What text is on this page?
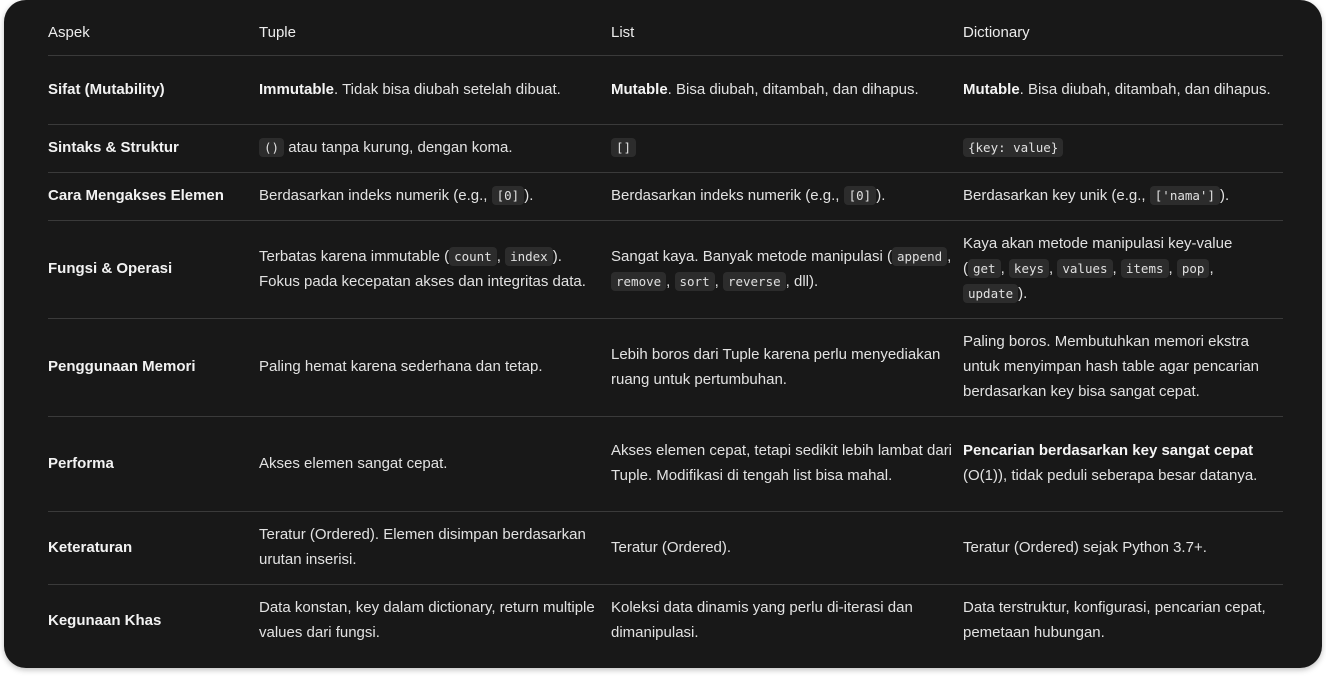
Aspek	Tuple	List	Dictionary
Sifat (Mutability)	Immutable. Tidak bisa diubah setelah dibuat.	Mutable. Bisa diubah, ditambah, dan dihapus.	Mutable. Bisa diubah, ditambah, dan dihapus.
Sintaks & Struktur	() atau tanpa kurung, dengan koma.	[]	{key: value}
Cara Mengakses Elemen	Berdasarkan indeks numerik (e.g., [0] ).	Berdasarkan indeks numerik (e.g., [0] ).	Berdasarkan key unik (e.g., ['nama'] ).
Fungsi & Operasi	Terbatas karena immutable ( count , index ). Fokus pada kecepatan akses dan integritas data.	Sangat kaya. Banyak metode manipulasi ( append , remove , sort , reverse , dll).	Kaya akan metode manipulasi key-value ( get , keys , values , items , pop , update ).
Penggunaan Memori	Paling hemat karena sederhana dan tetap.	Lebih boros dari Tuple karena perlu menyediakan ruang untuk pertumbuhan.	Paling boros. Membutuhkan memori ekstra untuk menyimpan hash table agar pencarian berdasarkan key bisa sangat cepat.
Performa	Akses elemen sangat cepat.	Akses elemen cepat, tetapi sedikit lebih lambat dari Tuple. Modifikasi di tengah list bisa mahal.	Pencarian berdasarkan key sangat cepat (O(1)), tidak peduli seberapa besar datanya.
Keteraturan	Teratur (Ordered). Elemen disimpan berdasarkan urutan inserisi.	Teratur (Ordered).	Teratur (Ordered) sejak Python 3.7+.
Kegunaan Khas	Data konstan, key dalam dictionary, return multiple values dari fungsi.	Koleksi data dinamis yang perlu di-iterasi dan dimanipulasi.	Data terstruktur, konfigurasi, pencarian cepat, pemetaan hubungan.
